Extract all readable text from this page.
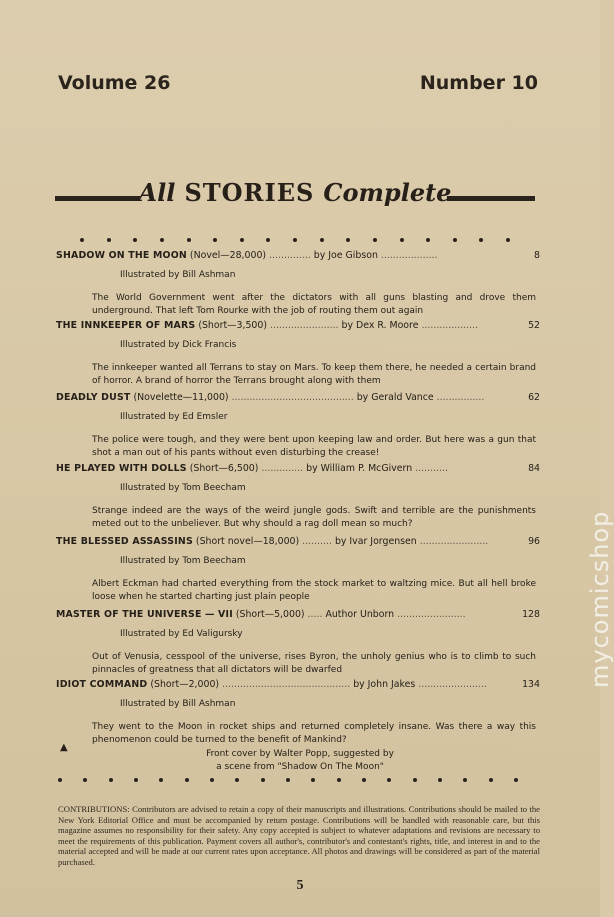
Volume 26	Number 10
All STORIES Complete
SHADOW ON THE MOON (Novel—28,000) .............. by Joe Gibson ...................	8
Illustrated by Bill Ashman
The World Government went after the dictators with all guns blasting and drove them underground. That left Tom Rourke with the job of routing them out again
THE INNKEEPER OF MARS (Short—3,500) ....................... by Dex R. Moore ...................	52
Illustrated by Dick Francis
The innkeeper wanted all Terrans to stay on Mars. To keep them there, he needed a certain brand of horror. A brand of horror the Terrans brought along with them
DEADLY DUST (Novelette—11,000) ......................................... by Gerald Vance ................	62
Illustrated by Ed Emsler
The police were tough, and they were bent upon keeping law and order. But here was a gun that shot a man out of his pants without even disturbing the crease!
HE PLAYED WITH DOLLS (Short—6,500) .............. by William P. McGivern ...........	84
Illustrated by Tom Beecham
Strange indeed are the ways of the weird jungle gods. Swift and terrible are the punishments meted out to the unbeliever. But why should a rag doll mean so much?
THE BLESSED ASSASSINS (Short novel—18,000) .......... by Ivar Jorgensen .......................	96
Illustrated by Tom Beecham
Albert Eckman had charted everything from the stock market to waltzing mice. But all hell broke loose when he started charting just plain people
MASTER OF THE UNIVERSE — VII (Short—5,000) ..... Author Unborn .......................	128
Illustrated by Ed Valigursky
Out of Venusia, cesspool of the universe, rises Byron, the unholy genius who is to climb to such pinnacles of greatness that all dictators will be dwarfed
IDIOT COMMAND (Short—2,000) ........................................... by John Jakes .......................	134
Illustrated by Bill Ashman
They went to the Moon in rocket ships and returned completely insane. Was there a way this phenomenon could be turned to the benefit of Mankind?
▲
Front cover by Walter Popp, suggested by
a scene from "Shadow On The Moon"
CONTRIBUTIONS: Contributors are advised to retain a copy of their manuscripts and illustrations. Contributions should be mailed to the New York Editorial Office and must be accompanied by return postage. Contributions will be handled with reasonable care, but this magazine assumes no responsibility for their safety. Any copy accepted is subject to whatever adaptations and revisions are necessary to meet the requirements of this publication. Payment covers all author's, contributor's and contestant's rights, title, and interest in and to the material accepted and will be made at our current rates upon acceptance. All photos and drawings will be considered as part of the material purchased.
5
mycomicshop
